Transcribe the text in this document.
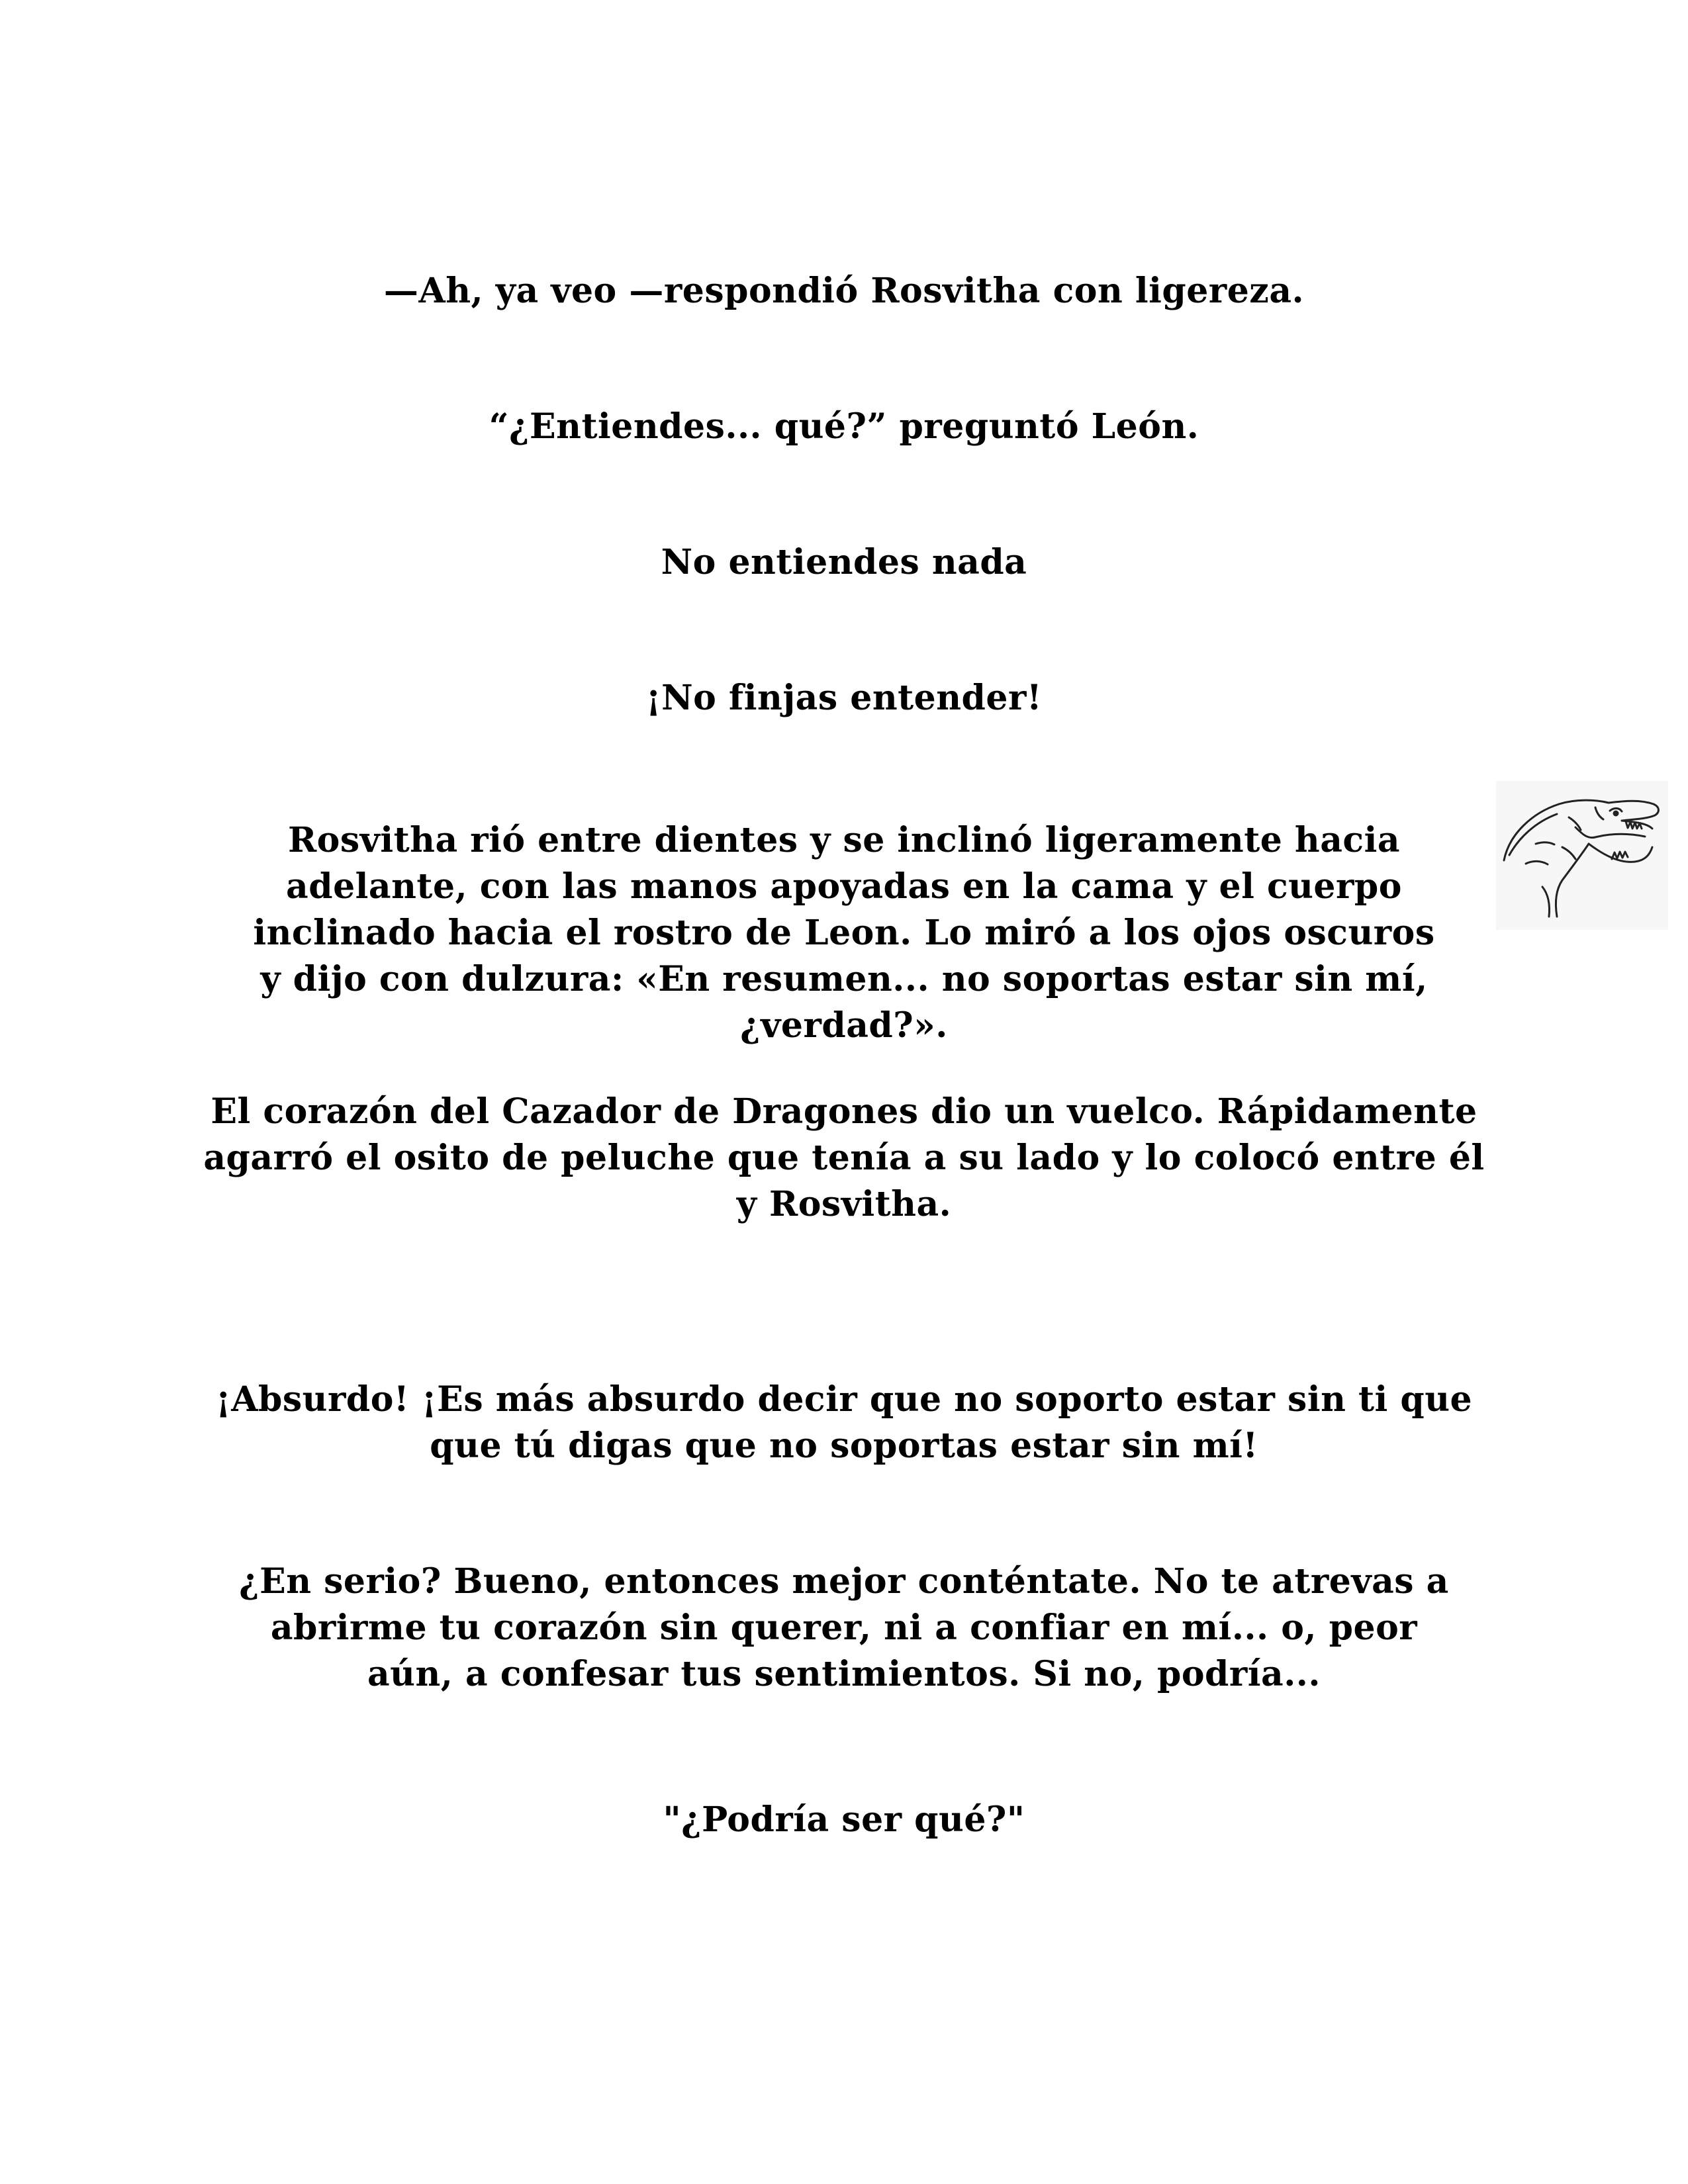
—Ah, ya veo —respondió Rosvitha con ligereza.

“¿Entiendes... qué?” preguntó León.

No entiendes nada

¡No finjas entender!

Rosvitha rió entre dientes y se inclinó ligeramente hacia adelante, con las manos apoyadas en la cama y el cuerpo inclinado hacia el rostro de Leon. Lo miró a los ojos oscuros y dijo con dulzura: «En resumen... no soportas estar sin mí, ¿verdad?».

El corazón del Cazador de Dragones dio un vuelco. Rápidamente agarró el osito de peluche que tenía a su lado y lo colocó entre él y Rosvitha.

¡Absurdo! ¡Es más absurdo decir que no soporto estar sin ti que que tú digas que no soportas estar sin mí!

¿En serio? Bueno, entonces mejor conténtate. No te atrevas a abrirme tu corazón sin querer, ni a confiar en mí... o, peor aún, a confesar tus sentimientos. Si no, podría...

"¿Podría ser qué?"
